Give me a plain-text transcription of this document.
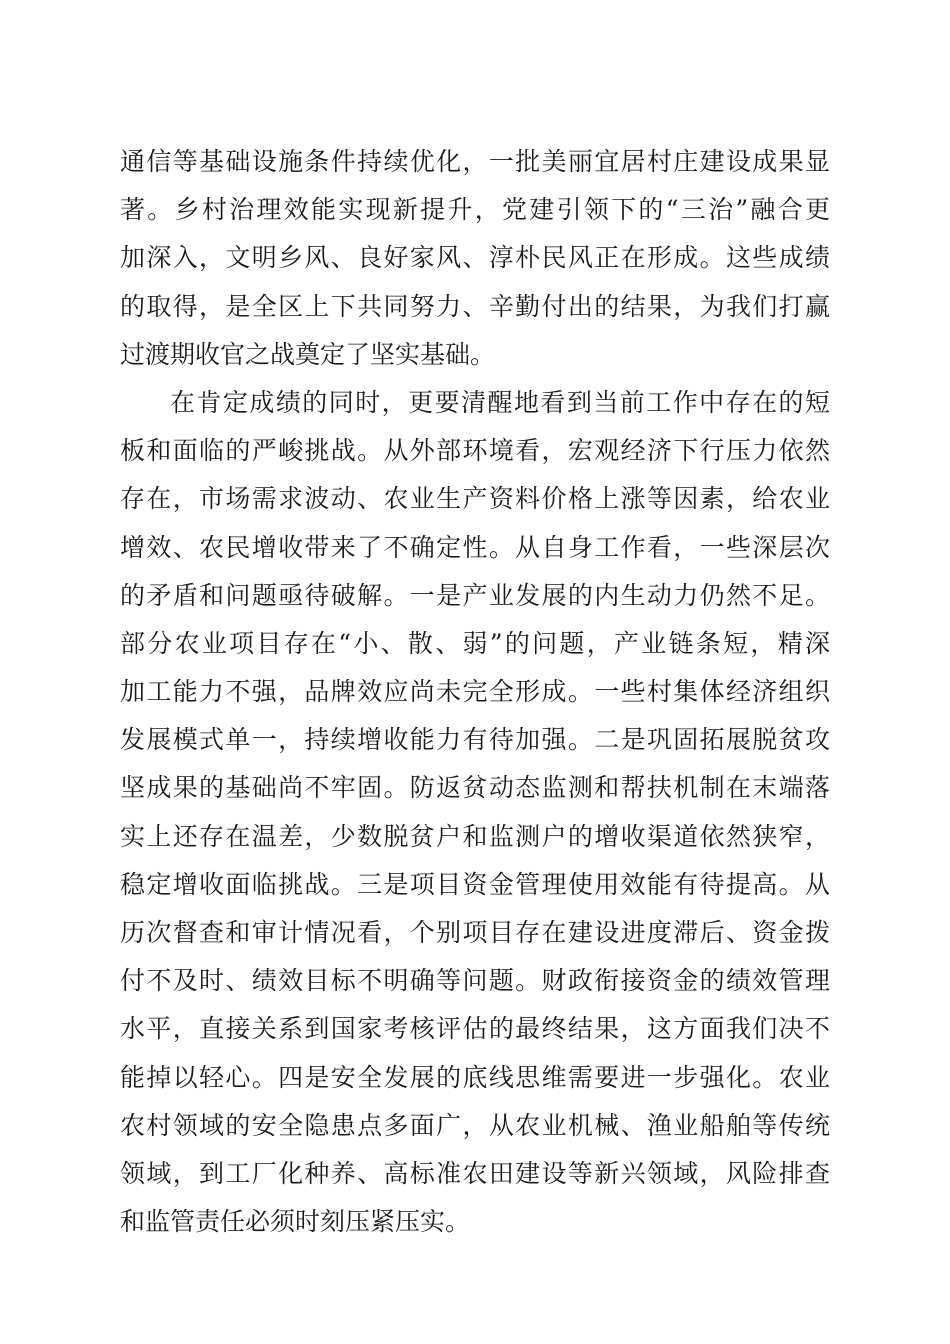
通信等基础设施条件持续优化，一批美丽宜居村庄建设成果显
著。乡村治理效能实现新提升，党建引领下的“三治”融合更
加深入，文明乡风、良好家风、淳朴民风正在形成。这些成绩
的取得，是全区上下共同努力、辛勤付出的结果，为我们打赢
过渡期收官之战奠定了坚实基础。
在肯定成绩的同时，更要清醒地看到当前工作中存在的短
板和面临的严峻挑战。从外部环境看，宏观经济下行压力依然
存在，市场需求波动、农业生产资料价格上涨等因素，给农业
增效、农民增收带来了不确定性。从自身工作看，一些深层次
的矛盾和问题亟待破解。一是产业发展的内生动力仍然不足。
部分农业项目存在“小、散、弱”的问题，产业链条短，精深
加工能力不强，品牌效应尚未完全形成。一些村集体经济组织
发展模式单一，持续增收能力有待加强。二是巩固拓展脱贫攻
坚成果的基础尚不牢固。防返贫动态监测和帮扶机制在末端落
实上还存在温差，少数脱贫户和监测户的增收渠道依然狭窄，
稳定增收面临挑战。三是项目资金管理使用效能有待提高。从
历次督查和审计情况看，个别项目存在建设进度滞后、资金拨
付不及时、绩效目标不明确等问题。财政衔接资金的绩效管理
水平，直接关系到国家考核评估的最终结果，这方面我们决不
能掉以轻心。四是安全发展的底线思维需要进一步强化。农业
农村领域的安全隐患点多面广，从农业机械、渔业船舶等传统
领域，到工厂化种养、高标准农田建设等新兴领域，风险排查
和监管责任必须时刻压紧压实。
